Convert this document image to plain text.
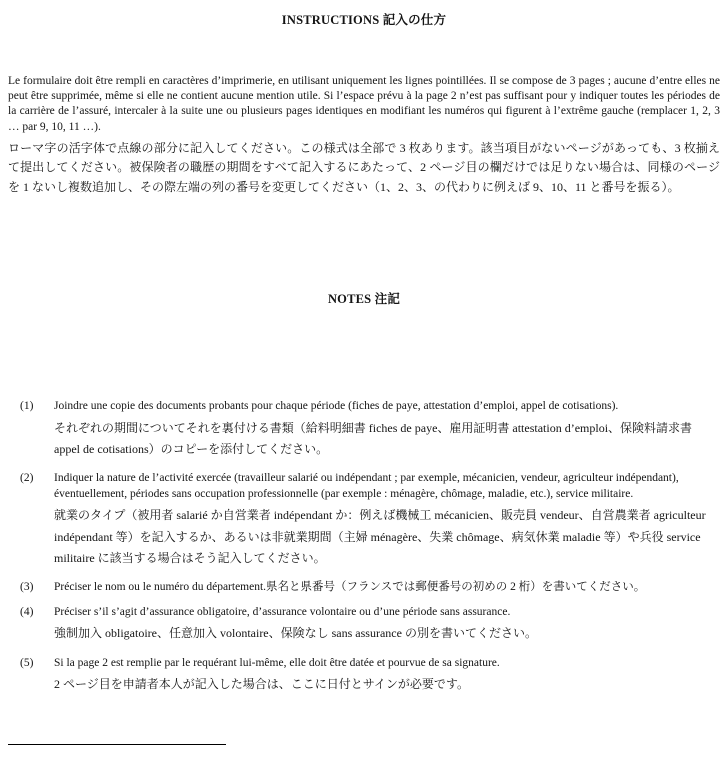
INSTRUCTIONS 記入の仕方

Le formulaire doit être rempli en caractères d’imprimerie, en utilisant uniquement les lignes pointillées. Il se compose de 3 pages ; aucune d’entre elles ne peut être supprimée, même si elle ne contient aucune mention utile. Si l’espace prévu à la page 2 n’est pas suffisant pour y indiquer toutes les périodes de la carrière de l’assuré, intercaler à la suite une ou plusieurs pages identiques en modifiant les numéros qui figurent à l’extrême gauche (remplacer 1, 2, 3 … par 9, 10, 11 …).

ローマ字の活字体で点線の部分に記入してください。この様式は全部で 3 枚あります。該当項目がないページがあっても、3 枚揃えて提出してください。被保険者の職歴の期間をすべて記入するにあたって、2 ページ目の欄だけでは足りない場合は、同様のページを 1 ないし複数追加し、その際左端の列の番号を変更してください（1、2、3、の代わりに例えば 9、10、11 と番号を振る）。

NOTES 注記
(1)	Joindre une copie des documents probants pour chaque période (fiches de paye, attestation d’emploi, appel de cotisations).

それぞれの期間についてそれを裏付ける書類（給料明細書 fiches de paye、雇用証明書 attestation d’emploi、保険料請求書 appel de cotisations）のコピーを添付してください。

(2)	Indiquer la nature de l’activité exercée (travailleur salarié ou indépendant ; par exemple, mécanicien, vendeur, agriculteur indépendant), éventuellement, périodes sans occupation professionnelle (par exemple : ménagère, chômage, maladie, etc.), service militaire.

就業のタイプ（被用者 salarié か自営業者 indépendant か：例えば機械工 mécanicien、販売員 vendeur、自営農業者 agriculteur indépendant 等）を記入するか、あるいは非就業期間（主婦 ménagère、失業 chômage、病気休業 maladie 等）や兵役 service militaire に該当する場合はそう記入してください。

(3)	Préciser le nom ou le numéro du département.県名と県番号（フランスでは郵便番号の初めの 2 桁）を書いてください。

(4)	Préciser s’il s’agit d’assurance obligatoire, d’assurance volontaire ou d’une période sans assurance.

強制加入 obligatoire、任意加入 volontaire、保険なし sans assurance の別を書いてください。

(5)	Si la page 2 est remplie par le requérant lui-même, elle doit être datée et pourvue de sa signature.

2 ページ目を申請者本人が記入した場合は、ここに日付とサインが必要です。
